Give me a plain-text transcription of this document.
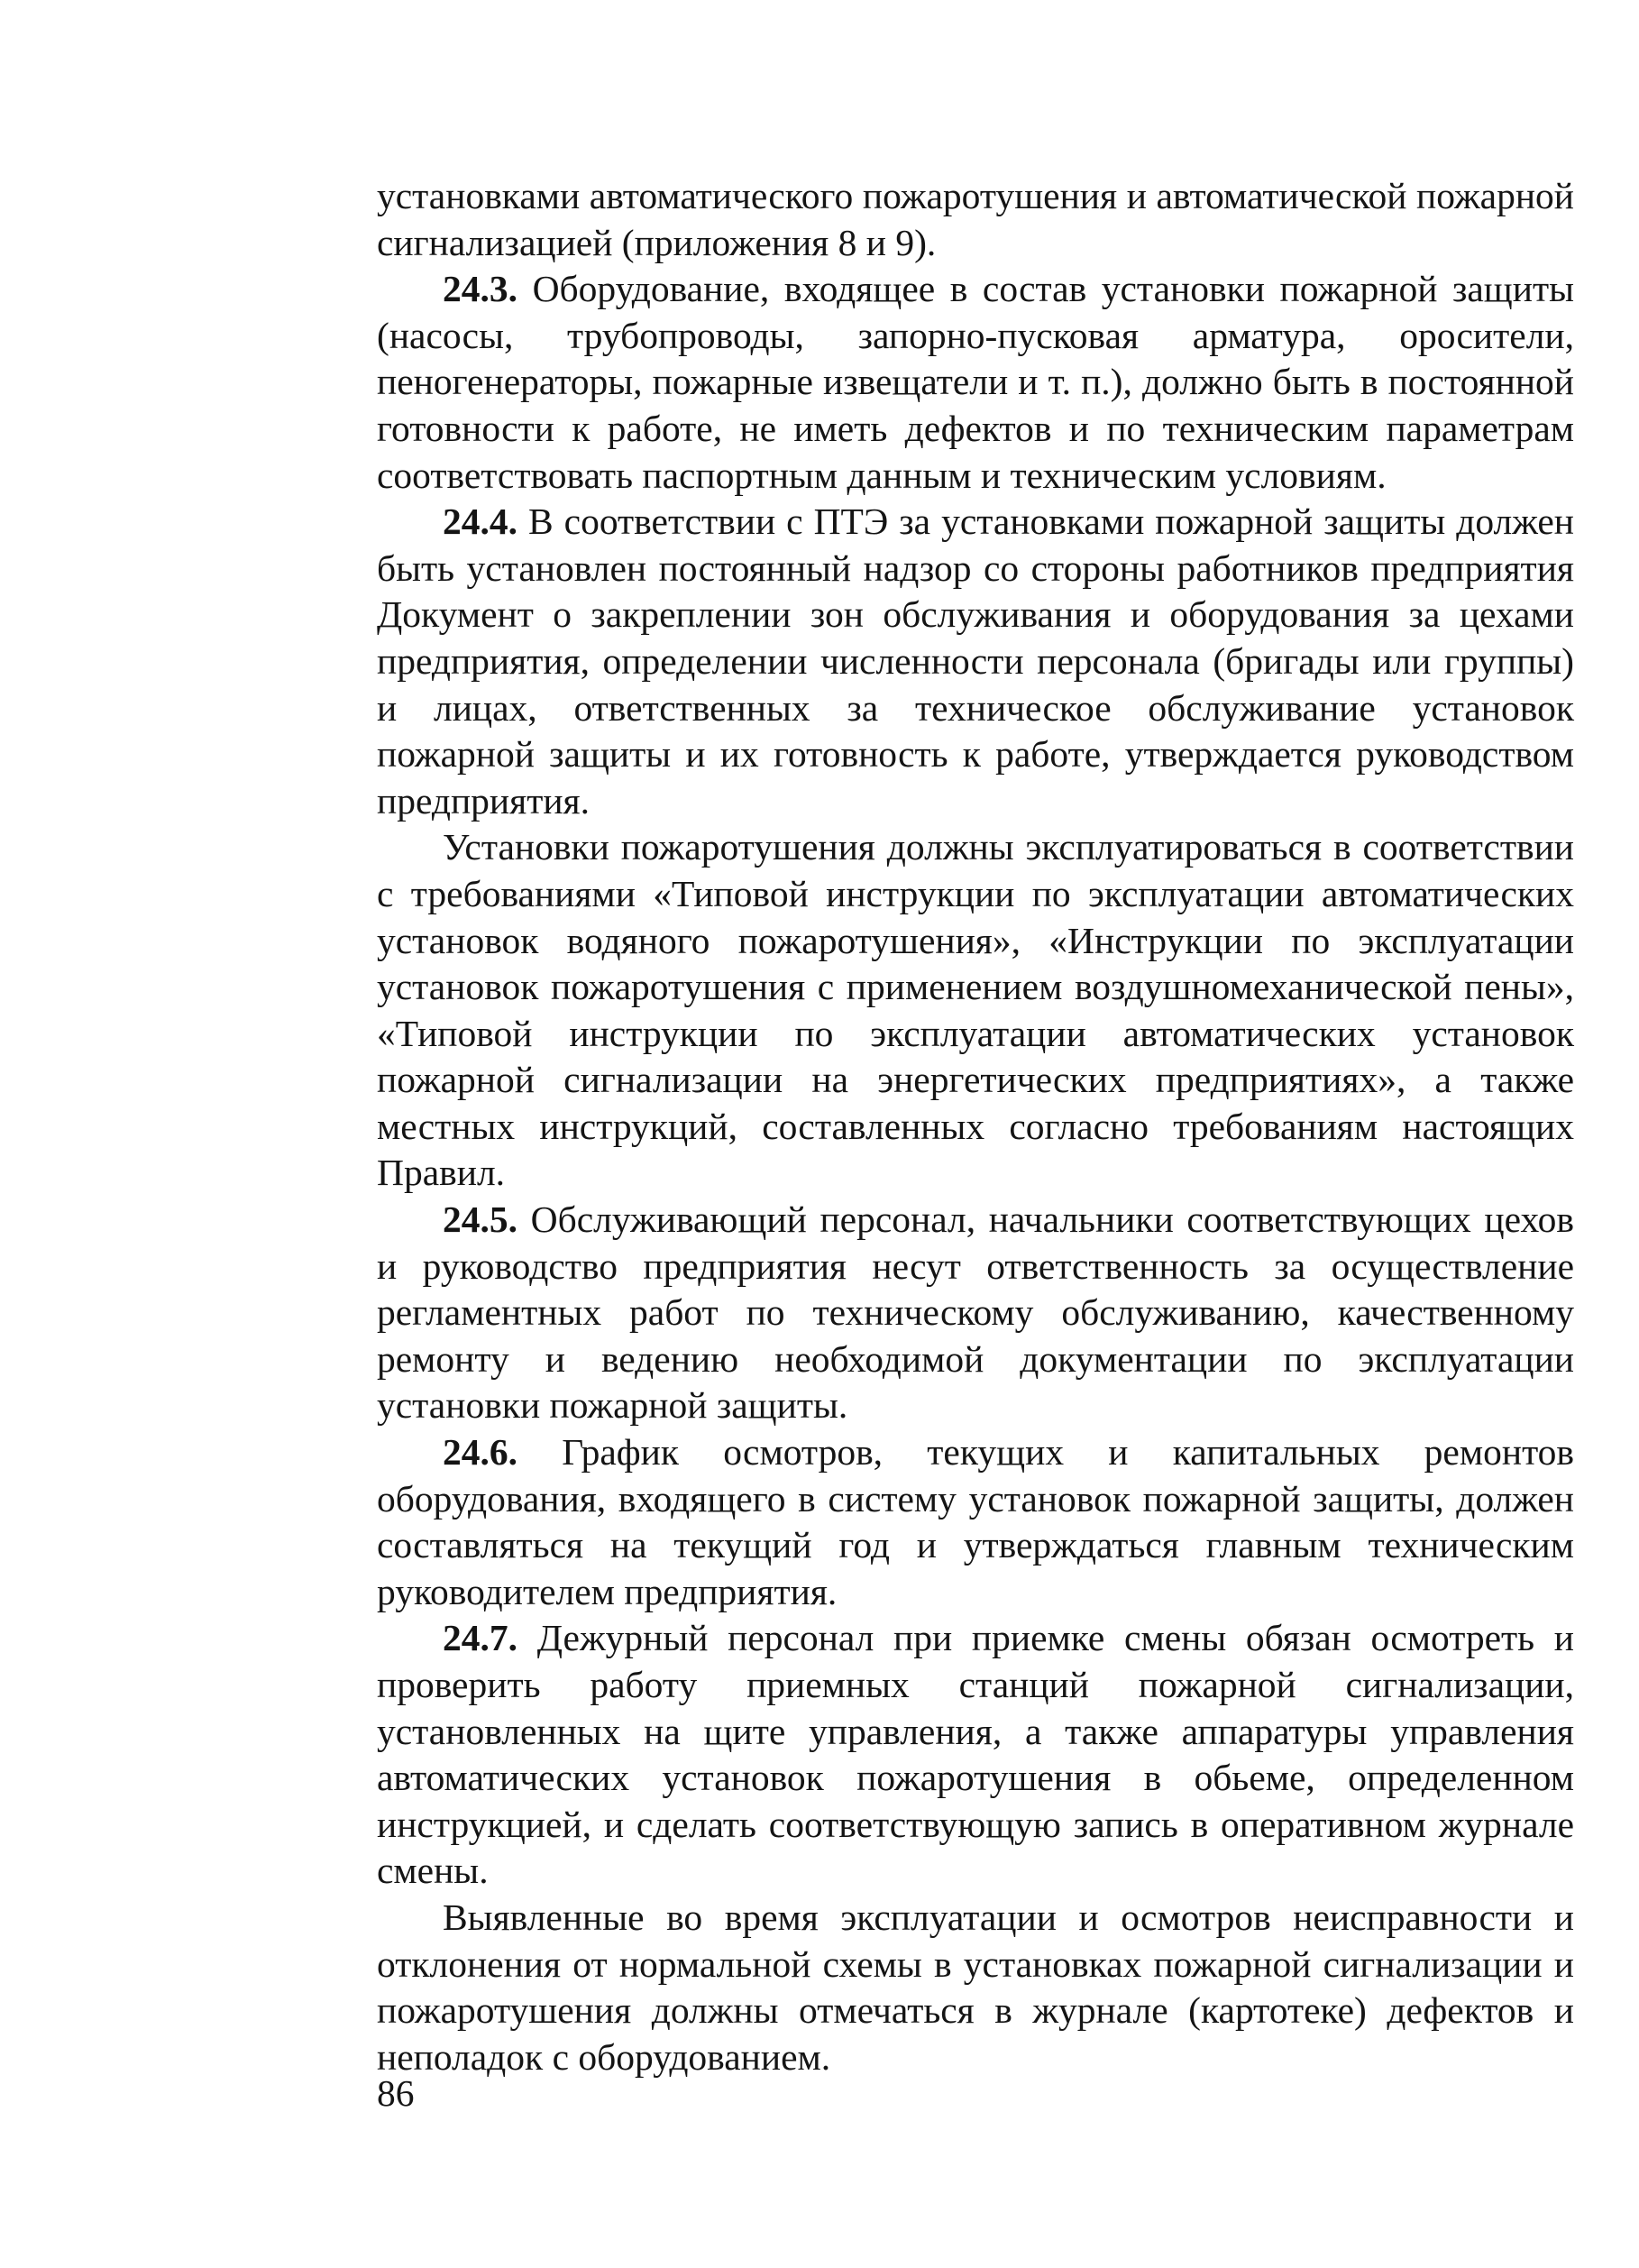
установками автоматического пожаротушения и автоматической пожарной сигнализацией (приложения 8 и 9).

24.3. Оборудование, входящее в состав установки пожарной защиты (насосы, трубопроводы, запорно-пусковая арматура, оросители, пеногенераторы, пожарные извещатели и т. п.), должно быть в постоянной готовности к работе, не иметь дефектов и по техническим параметрам соответствовать паспортным данным и техническим условиям.

24.4. В соответствии с ПТЭ за установками пожарной защиты должен быть установлен постоянный надзор со стороны работников предприятия Документ о закреплении зон обслуживания и оборудования за цехами предприятия, определении численности персонала (бригады или группы) и лицах, ответственных за техническое обслуживание установок пожарной защиты и их готовность к работе, утверждается руководством предприятия.

Установки пожаротушения должны эксплуатироваться в соответствии с требованиями «Типовой инструкции по эксплуатации автоматических установок водяного пожаротушения», «Инструкции по эксплуатации установок пожаротушения с применением воздушномеханической пены», «Типовой инструкции по эксплуатации автоматических установок пожарной сигнализации на энергетических предприятиях», а также местных инструкций, составленных согласно требованиям настоящих Правил.

24.5. Обслуживающий персонал, начальники соответствующих цехов и руководство предприятия несут ответственность за осуществление регламентных работ по техническому обслуживанию, качественному ремонту и ведению необходимой документации по эксплуатации установки пожарной защиты.

24.6. График осмотров, текущих и капитальных ремонтов оборудования, входящего в систему установок пожарной защиты, должен составляться на текущий год и утверждаться главным техническим руководителем предприятия.

24.7. Дежурный персонал при приемке смены обязан осмотреть и проверить работу приемных станций пожарной сигнализации, установленных на щите управления, а также аппаратуры управления автоматических установок пожаротушения в обьеме, определенном инструкцией, и сделать соответствующую запись в оперативном журнале смены.

Выявленные во время эксплуатации и осмотров неисправности и отклонения от нормальной схемы в установках пожарной сигнализации и пожаротушения должны отмечаться в журнале (картотеке) дефектов и неполадок с оборудованием.

86
